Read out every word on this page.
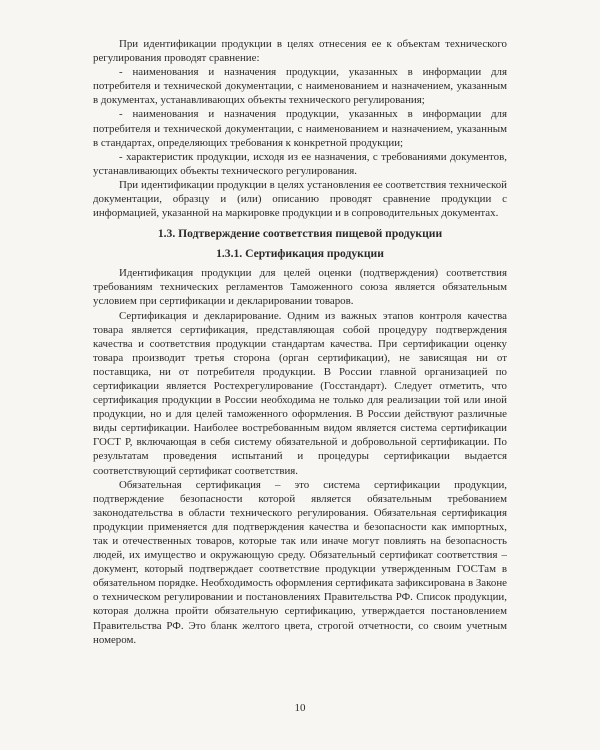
При идентификации продукции в целях отнесения ее к объектам технического регулирования проводят сравнение:

- наименования и назначения продукции, указанных в информации для потребителя и технической документации, с наименованием и назначением, указанным в документах, устанавливающих объекты технического регулирования;

- наименования и назначения продукции, указанных в информации для потребителя и технической документации, с наименованием и назначением, указанным в стандартах, определяющих требования к конкретной продукции;

- характеристик продукции, исходя из ее назначения, с требованиями документов, устанавливающих объекты технического регулирования.

При идентификации продукции в целях установления ее соответствия технической документации, образцу и (или) описанию проводят сравнение продукции с информацией, указанной на маркировке продукции и в сопроводительных документах.

1.3. Подтверждение соответствия пищевой продукции
1.3.1. Сертификация продукции

Идентификация продукции для целей оценки (подтверждения) соответствия требованиям технических регламентов Таможенного союза является обязательным условием при сертификации и декларировании товаров.

Сертификация и декларирование. Одним из важных этапов контроля качества товара является сертификация, представляющая собой процедуру подтверждения качества и соответствия продукции стандартам качества. При сертификации оценку товара производит третья сторона (орган сертификации), не зависящая ни от поставщика, ни от потребителя продукции. В России главной организацией по сертификации является Ростехрегулирование (Госстандарт). Следует отметить, что сертификация продукции в России необходима не только для реализации той или иной продукции, но и для целей таможенного оформления. В России действуют различные виды сертификации. Наиболее востребованным видом является система сертификации ГОСТ Р, включающая в себя систему обязательной и добровольной сертификации. По результатам проведения испытаний и процедуры сертификации выдается соответствующий сертификат соответствия.

Обязательная сертификация – это система сертификации продукции, подтверждение безопасности которой является обязательным требованием законодательства в области технического регулирования. Обязательная сертификация продукции применяется для подтверждения качества и безопасности как импортных, так и отечественных товаров, которые так или иначе могут повлиять на безопасность людей, их имущество и окружающую среду. Обязательный сертификат соответствия – документ, который подтверждает соответствие продукции утвержденным ГОСТам в обязательном порядке. Необходимость оформления сертификата зафиксирована в Законе о техническом регулировании и постановлениях Правительства РФ. Список продукции, которая должна пройти обязательную сертификацию, утверждается постановлением Правительства РФ. Это бланк желтого цвета, строгой отчетности, со своим учетным номером.

10
